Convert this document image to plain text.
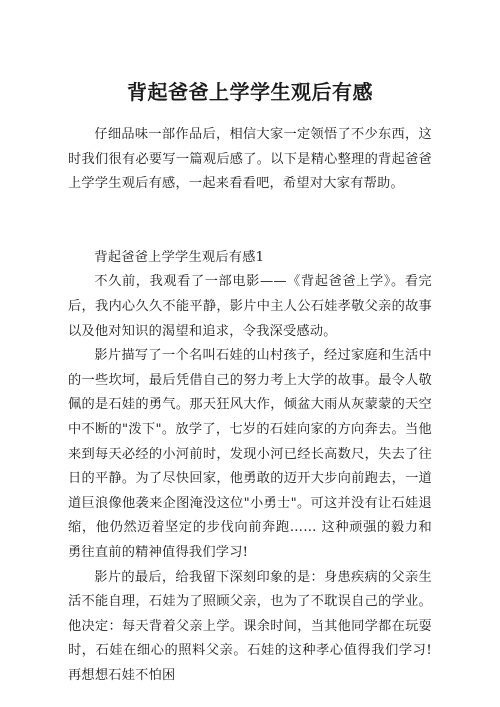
背起爸爸上学学生观后有感

仔细品味一部作品后，相信大家一定领悟了不少东西，这时我们很有必要写一篇观后感了。以下是精心整理的背起爸爸上学学生观后有感，一起来看看吧，希望对大家有帮助。

背起爸爸上学学生观后有感1

不久前，我观看了一部电影——《背起爸爸上学》。看完后，我内心久久不能平静，影片中主人公石娃孝敬父亲的故事以及他对知识的渴望和追求，令我深受感动。

影片描写了一个名叫石娃的山村孩子，经过家庭和生活中的一些坎坷，最后凭借自己的努力考上大学的故事。最令人敬佩的是石娃的勇气。那天狂风大作，倾盆大雨从灰蒙蒙的天空中不断的"泼下"。放学了，七岁的石娃向家的方向奔去。当他来到每天必经的小河前时，发现小河已经长高数尺，失去了往日的平静。为了尽快回家，他勇敢的迈开大步向前跑去，一道道巨浪像他袭来企图淹没这位"小勇士"。可这并没有让石娃退缩，他仍然迈着坚定的步伐向前奔跑…… 这种顽强的毅力和勇往直前的精神值得我们学习!

影片的最后，给我留下深刻印象的是：身患疾病的父亲生活不能自理，石娃为了照顾父亲，也为了不耽误自己的学业。他决定：每天背着父亲上学。课余时间，当其他同学都在玩耍时，石娃在细心的照料父亲。石娃的这种孝心值得我们学习!再想想石娃不怕困
